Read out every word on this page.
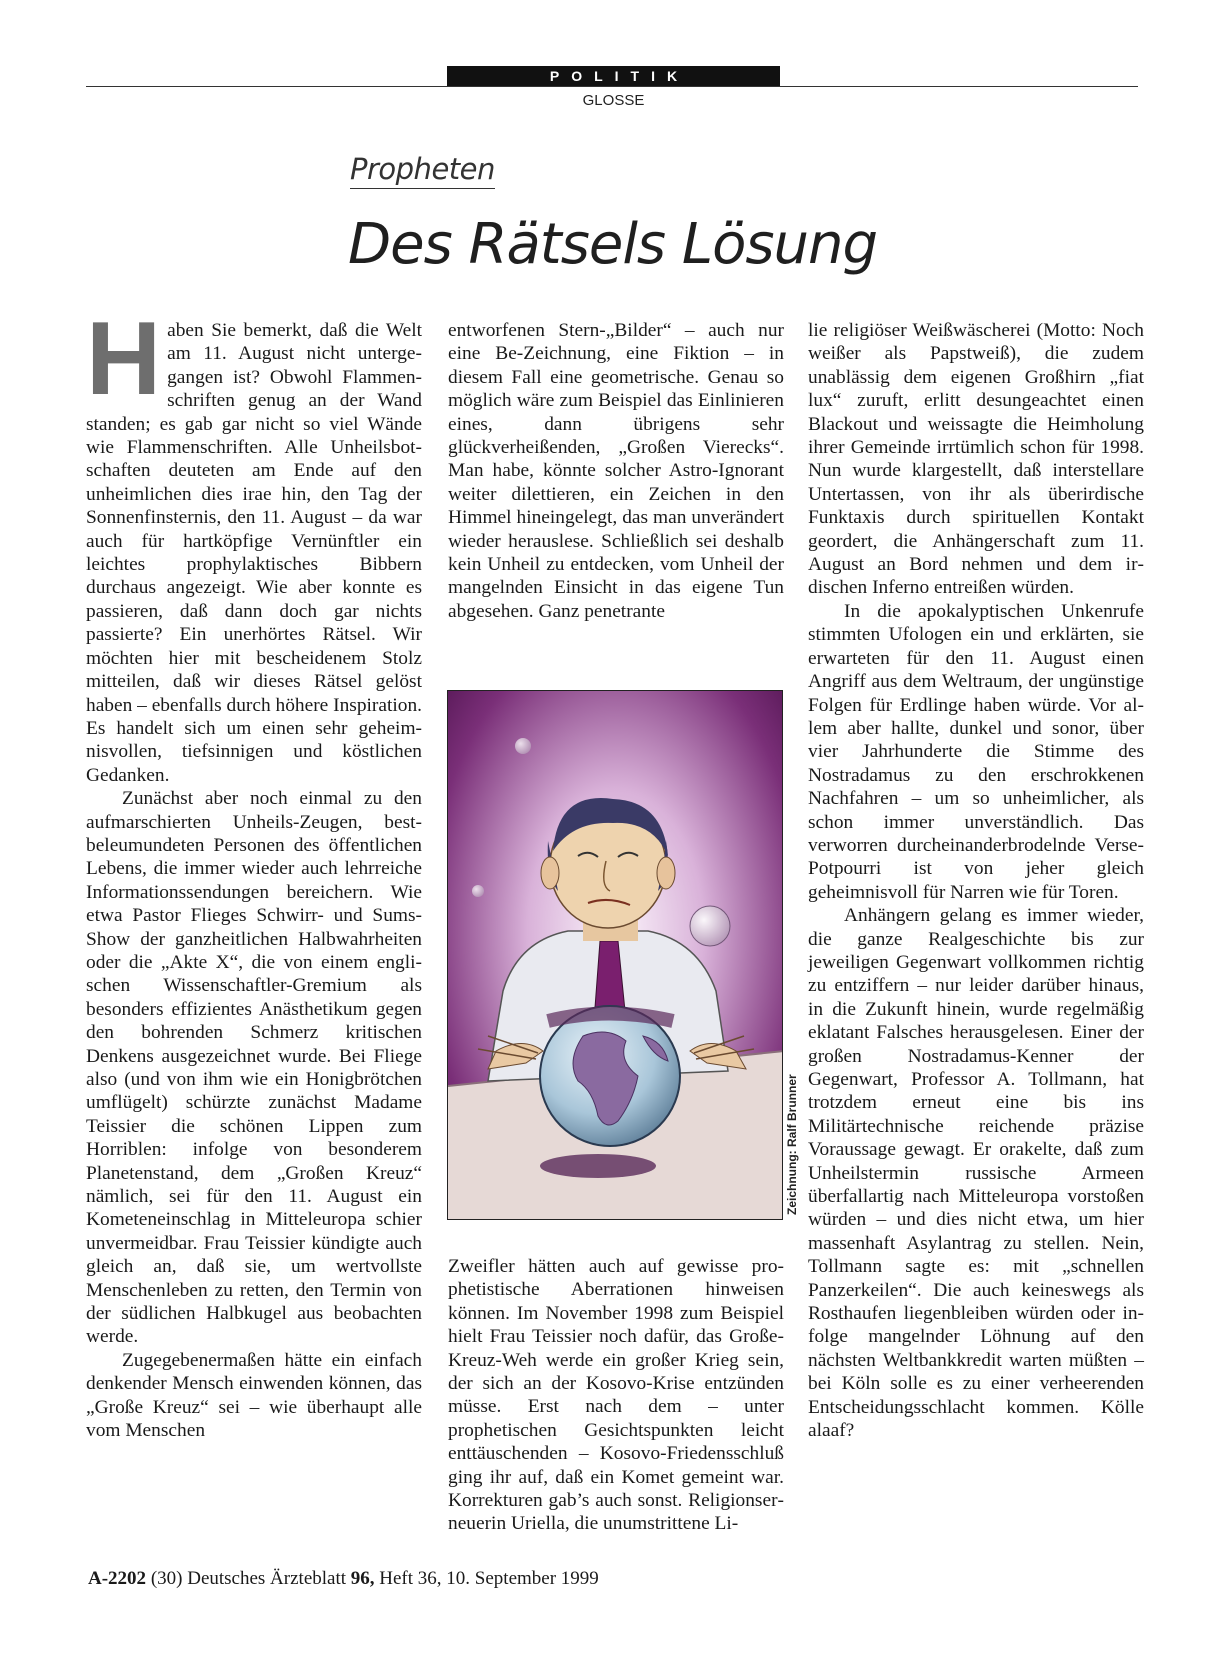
POLITIK
GLOSSE
Propheten
Des Rätsels Lösung

Haben Sie bemerkt, daß die Welt am 11. August nicht untergegangen ist? Obwohl Flammenschriften genug an der Wand standen; es gab gar nicht so viel Wände wie Flammenschriften. Alle Unheilsbotschaften deuteten am Ende auf den unheimlichen dies irae hin, den Tag der Sonnenfinsternis, den 11. August – da war auch für hartköpfige Vernünftler ein leichtes prophylaktisches Bibbern durchaus angezeigt. Wie aber konnte es passieren, daß dann doch gar nichts passierte? Ein unerhörtes Rätsel. Wir möchten hier mit bescheidenem Stolz mitteilen, daß wir dieses Rätsel gelöst haben – ebenfalls durch höhere Inspiration. Es handelt sich um einen sehr geheimnisvollen, tiefsinnigen und köstlichen Gedanken.

Zunächst aber noch einmal zu den aufmarschierten Unheils-Zeugen, best-beleumundeten Personen des öffentlichen Lebens, die immer wieder auch lehrreiche Informationssendungen bereichern. Wie etwa Pastor Flieges Schwirr- und Sums-Show der ganzheitlichen Halbwahrheiten oder die „Akte X“, die von einem englischen Wissenschaftler-Gremium als besonders effizientes Anästhetikum gegen den bohrenden Schmerz kritischen Denkens ausgezeichnet wurde. Bei Fliege also (und von ihm wie ein Honigbrötchen umflügelt) schürzte zunächst Madame Teissier die schönen Lippen zum Horriblen: infolge von besonderem Planetenstand, dem „Großen Kreuz“ nämlich, sei für den 11. August ein Kometeneinschlag in Mitteleuropa schier unvermeidbar. Frau Teissier kündigte auch gleich an, daß sie, um wertvollste Menschenleben zu retten, den Termin von der südlichen Halbkugel aus beobachten werde.

Zugegebenermaßen hätte ein einfach denkender Mensch einwenden können, das „Große Kreuz“ sei – wie überhaupt alle vom Menschen

entworfenen Stern-„Bilder“ – auch nur eine Be-Zeichnung, eine Fiktion – in diesem Fall eine geometrische. Genau so möglich wäre zum Beispiel das Einlinieren eines, dann übrigens sehr glückverheißenden, „Großen Vierecks“. Man habe, könnte solcher Astro-Ignorant weiter dilettieren, ein Zeichen in den Himmel hineingelegt, das man unverändert wieder herauslese. Schließlich sei deshalb kein Unheil zu entdecken, vom Unheil der mangelnden Einsicht in das eigene Tun abgesehen. Ganz penetrante

Zeichnung: Ralf Brunner

Zweifler hätten auch auf gewisse prophetistische Aberrationen hinweisen können. Im November 1998 zum Beispiel hielt Frau Teissier noch dafür, das Große-Kreuz-Weh werde ein großer Krieg sein, der sich an der Kosovo-Krise entzünden müsse. Erst nach dem – unter prophetischen Gesichtspunkten leicht enttäuschenden – Kosovo-Friedensschluß ging ihr auf, daß ein Komet gemeint war. Korrekturen gab’s auch sonst. Religionserneuerin Uriella, die unumstrittene Li-

lie religiöser Weißwäscherei (Motto: Noch weißer als Papstweiß), die zudem unablässig dem eigenen Großhirn „fiat lux“ zuruft, erlitt desungeachtet einen Blackout und weissagte die Heimholung ihrer Gemeinde irrtümlich schon für 1998. Nun wurde klargestellt, daß interstellare Untertassen, von ihr als überirdische Funktaxis durch spirituellen Kontakt geordert, die Anhängerschaft zum 11. August an Bord nehmen und dem irdischen Inferno entreißen würden.

In die apokalyptischen Unkenrufe stimmten Ufologen ein und erklärten, sie erwarteten für den 11. August einen Angriff aus dem Weltraum, der ungünstige Folgen für Erdlinge haben würde. Vor allem aber hallte, dunkel und sonor, über vier Jahrhunderte die Stimme des Nostradamus zu den erschrokkenen Nachfahren – um so unheimlicher, als schon immer unverständlich. Das verworren durcheinanderbrodelnde Verse-Potpourri ist von jeher gleich geheimnisvoll für Narren wie für Toren.

Anhängern gelang es immer wieder, die ganze Realgeschichte bis zur jeweiligen Gegenwart vollkommen richtig zu entziffern – nur leider darüber hinaus, in die Zukunft hinein, wurde regelmäßig eklatant Falsches herausgelesen. Einer der großen Nostradamus-Kenner der Gegenwart, Professor A. Tollmann, hat trotzdem erneut eine bis ins Militärtechnische reichende präzise Voraussage gewagt. Er orakelte, daß zum Unheilstermin russische Armeen überfallartig nach Mitteleuropa vorstoßen würden – und dies nicht etwa, um hier massenhaft Asylantrag zu stellen. Nein, Tollmann sagte es: mit „schnellen Panzerkeilen“. Die auch keineswegs als Rosthaufen liegenbleiben würden oder infolge mangelnder Löhnung auf den nächsten Weltbankkredit warten müßten – bei Köln solle es zu einer verheerenden Entscheidungsschlacht kommen. Kölle alaaf?

A-2202 (30) Deutsches Ärzteblatt 96, Heft 36, 10. September 1999
